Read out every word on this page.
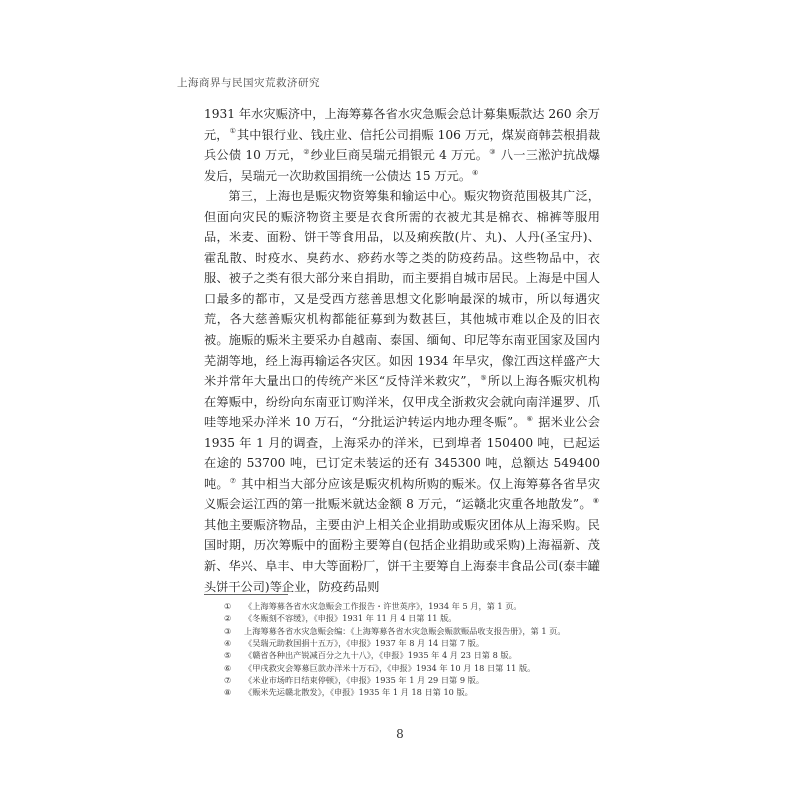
上海商界与民国灾荒救济研究

1931 年水灾赈济中，上海筹募各省水灾急赈会总计募集赈款达 260 余万元，①其中银行业、钱庄业、信托公司捐赈 106 万元，煤炭商韩芸根捐裁兵公债 10 万元，②纱业巨商吴瑞元捐银元 4 万元。③ 八一三淞沪抗战爆发后，吴瑞元一次助救国捐统一公债达 15 万元。④

第三，上海也是赈灾物资筹集和输运中心。赈灾物资范围极其广泛，但面向灾民的赈济物资主要是衣食所需的衣被尤其是棉衣、棉裤等服用品，米麦、面粉、饼干等食用品，以及痢疾散(片、丸)、人丹(圣宝丹)、霍乱散、时疫水、臭药水、痧药水等之类的防疫药品。这些物品中，衣服、被子之类有很大部分来自捐助，而主要捐自城市居民。上海是中国人口最多的都市，又是受西方慈善思想文化影响最深的城市，所以每遇灾荒，各大慈善赈灾机构都能征募到为数甚巨，其他城市难以企及的旧衣被。施赈的赈米主要采办自越南、泰国、缅甸、印尼等东南亚国家及国内芜湖等地，经上海再输运各灾区。如因 1934 年旱灾，像江西这样盛产大米并常年大量出口的传统产米区“反恃洋米救灾”，⑤所以上海各赈灾机构在筹赈中，纷纷向东南亚订购洋米，仅甲戌全浙救灾会就向南洋暹罗、爪哇等地采办洋米 10 万石，“分批运沪转运内地办理冬赈”。⑥ 据米业公会 1935 年 1 月的调查，上海采办的洋米，已到埠者 150400 吨，已起运在途的 53700 吨，已订定未装运的还有 345300 吨，总额达 549400 吨。⑦ 其中相当大部分应该是赈灾机构所购的赈米。仅上海筹募各省旱灾义赈会运江西的第一批赈米就达金额 8 万元，“运赣北灾重各地散发”。⑧ 其他主要赈济物品，主要由沪上相关企业捐助或赈灾团体从上海采购。民国时期，历次筹赈中的面粉主要筹自(包括企业捐助或采购)上海福新、茂新、华兴、阜丰、申大等面粉厂，饼干主要筹自上海泰丰食品公司(泰丰罐头饼干公司)等企业，防疫药品则

①	《上海筹募各省水灾急赈会工作报告・许世英序》，1934 年 5 月，第 1 页。
②	《冬赈刻不容缓》，《申报》1931 年 11 月 4 日第 11 版。
③	上海筹募各省水灾急赈会编：《上海筹募各省水灾急赈会赈款赈品收支报告册》，第 1 页。
④	《吴瑞元助救国捐十五万》，《申报》1937 年 8 月 14 日第 7 版。
⑤	《赣省各种出产锐减百分之九十八》，《申报》1935 年 4 月 23 日第 8 版。
⑥	《甲戌救灾会筹募巨款办洋米十万石》，《申报》1934 年 10 月 18 日第 11 版。
⑦	《米业市场昨日结束停顿》，《申报》1935 年 1 月 29 日第 9 版。
⑧	《赈米先运赣北散发》，《申报》1935 年 1 月 18 日第 10 版。
8
